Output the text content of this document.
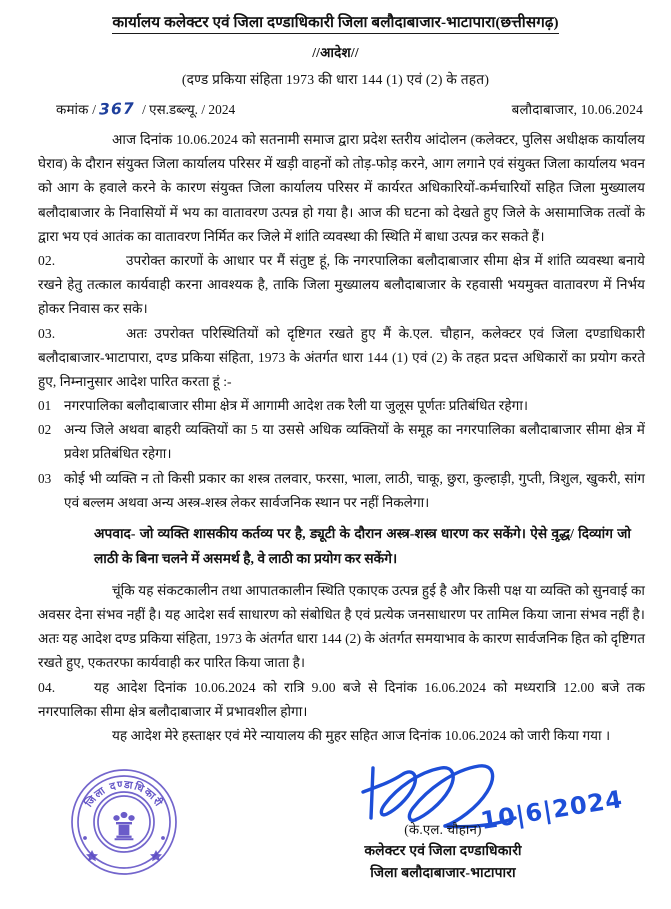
कार्यालय कलेक्टर एवं जिला दण्डाधिकारी जिला बलौदाबाजार-भाटापारा(छत्तीसगढ़)
//आदेश//
(दण्ड प्रकिया संहिता 1973 की धारा 144 (1) एवं (2) के तहत)
कमांक / 367 / एस.डब्ल्यू. / 2024	बलौदाबाजार, 10.06.2024

आज दिनांक 10.06.2024 को सतनामी समाज द्वारा प्रदेश स्तरीय आंदोलन (कलेक्टर, पुलिस अधीक्षक कार्यालय घेराव) के दौरान संयुक्त जिला कार्यालय परिसर में खड़ी वाहनों को तोड़-फोड़ करने, आग लगाने एवं संयुक्त जिला कार्यालय भवन को आग के हवाले करने के कारण संयुक्त जिला कार्यालय परिसर में कार्यरत अधिकारियों-कर्मचारियों सहित जिला मुख्यालय बलौदाबाजार के निवासियों में भय का वातावरण उत्पन्न हो गया है। आज की घटना को देखते हुए जिले के असामाजिक तत्वों के द्वारा भय एवं आतंक का वातावरण निर्मित कर जिले में शांति व्यवस्था की स्थिति में बाधा उत्पन्न कर सकते हैं।

02.	उपरोक्त कारणों के आधार पर मैं संतुष्ट हूं, कि नगरपालिका बलौदाबाजार सीमा क्षेत्र में शांति व्यवस्था बनाये रखने हेतु तत्काल कार्यवाही करना आवश्यक है, ताकि जिला मुख्यालय बलौदाबाजार के रहवासी भयमुक्त वातावरण में निर्भय होकर निवास कर सके।
03.	अतः उपरोक्त परिस्थितियों को दृष्टिगत रखते हुए मैं के.एल. चौहान, कलेक्टर एवं जिला दण्डाधिकारी बलौदाबाजार-भाटापारा, दण्ड प्रकिया संहिता, 1973 के अंतर्गत धारा 144 (1) एवं (2) के तहत प्रदत्त अधिकारों का प्रयोग करते हुए, निम्नानुसार आदेश पारित करता हूं :-
01 नगरपालिका बलौदाबाजार सीमा क्षेत्र में आगामी आदेश तक रैली या जुलूस पूर्णतः प्रतिबंधित रहेगा।
02 अन्य जिले अथवा बाहरी व्यक्तियों का 5 या उससे अधिक व्यक्तियों के समूह का नगरपालिका बलौदाबाजार सीमा क्षेत्र में प्रवेश प्रतिबंधित रहेगा।
03 कोई भी व्यक्ति न तो किसी प्रकार का शस्त्र तलवार, फरसा, भाला, लाठी, चाकू, छुरा, कुल्हाड़ी, गुप्ती, त्रिशुल, खुकरी, सांग एवं बल्लम अथवा अन्य अस्त्र-शस्त्र लेकर सार्वजनिक स्थान पर नहीं निकलेगा।

अपवाद- जो व्यक्ति शासकीय कर्तव्य पर है, ड्यूटी के दौरान अस्त्र-शस्त्र धारण कर सकेंगे। ऐसे वृद्ध/ दिव्यांग जो लाठी के बिना चलने में असमर्थ है, वे लाठी का प्रयोग कर सकेंगे।

चूंकि यह संकटकालीन तथा आपातकालीन स्थिति एकाएक उत्पन्न हुई है और किसी पक्ष या व्यक्ति को सुनवाई का अवसर देना संभव नहीं है। यह आदेश सर्व साधारण को संबोधित है एवं प्रत्येक जनसाधारण पर तामिल किया जाना संभव नहीं है। अतः यह आदेश दण्ड प्रकिया संहिता, 1973 के अंतर्गत धारा 144 (2) के अंतर्गत समयाभाव के कारण सार्वजनिक हित को दृष्टिगत रखते हुए, एकतरफा कार्यवाही कर पारित किया जाता है।

04.	यह आदेश दिनांक 10.06.2024 को रात्रि 9.00 बजे से दिनांक 16.06.2024 को मध्यरात्रि 12.00 बजे तक नगरपालिका सीमा क्षेत्र बलौदाबाजार में प्रभावशील होगा।

यह आदेश मेरे हस्ताक्षर एवं मेरे न्यायालय की मुहर सहित आज दिनांक 10.06.2024 को जारी किया गया ।

जिला दण्डाधिकारी	10|6|2024
(के.एल. चौहान)
कलेक्टर एवं जिला दण्डाधिकारी
जिला बलौदाबाजार-भाटापारा
